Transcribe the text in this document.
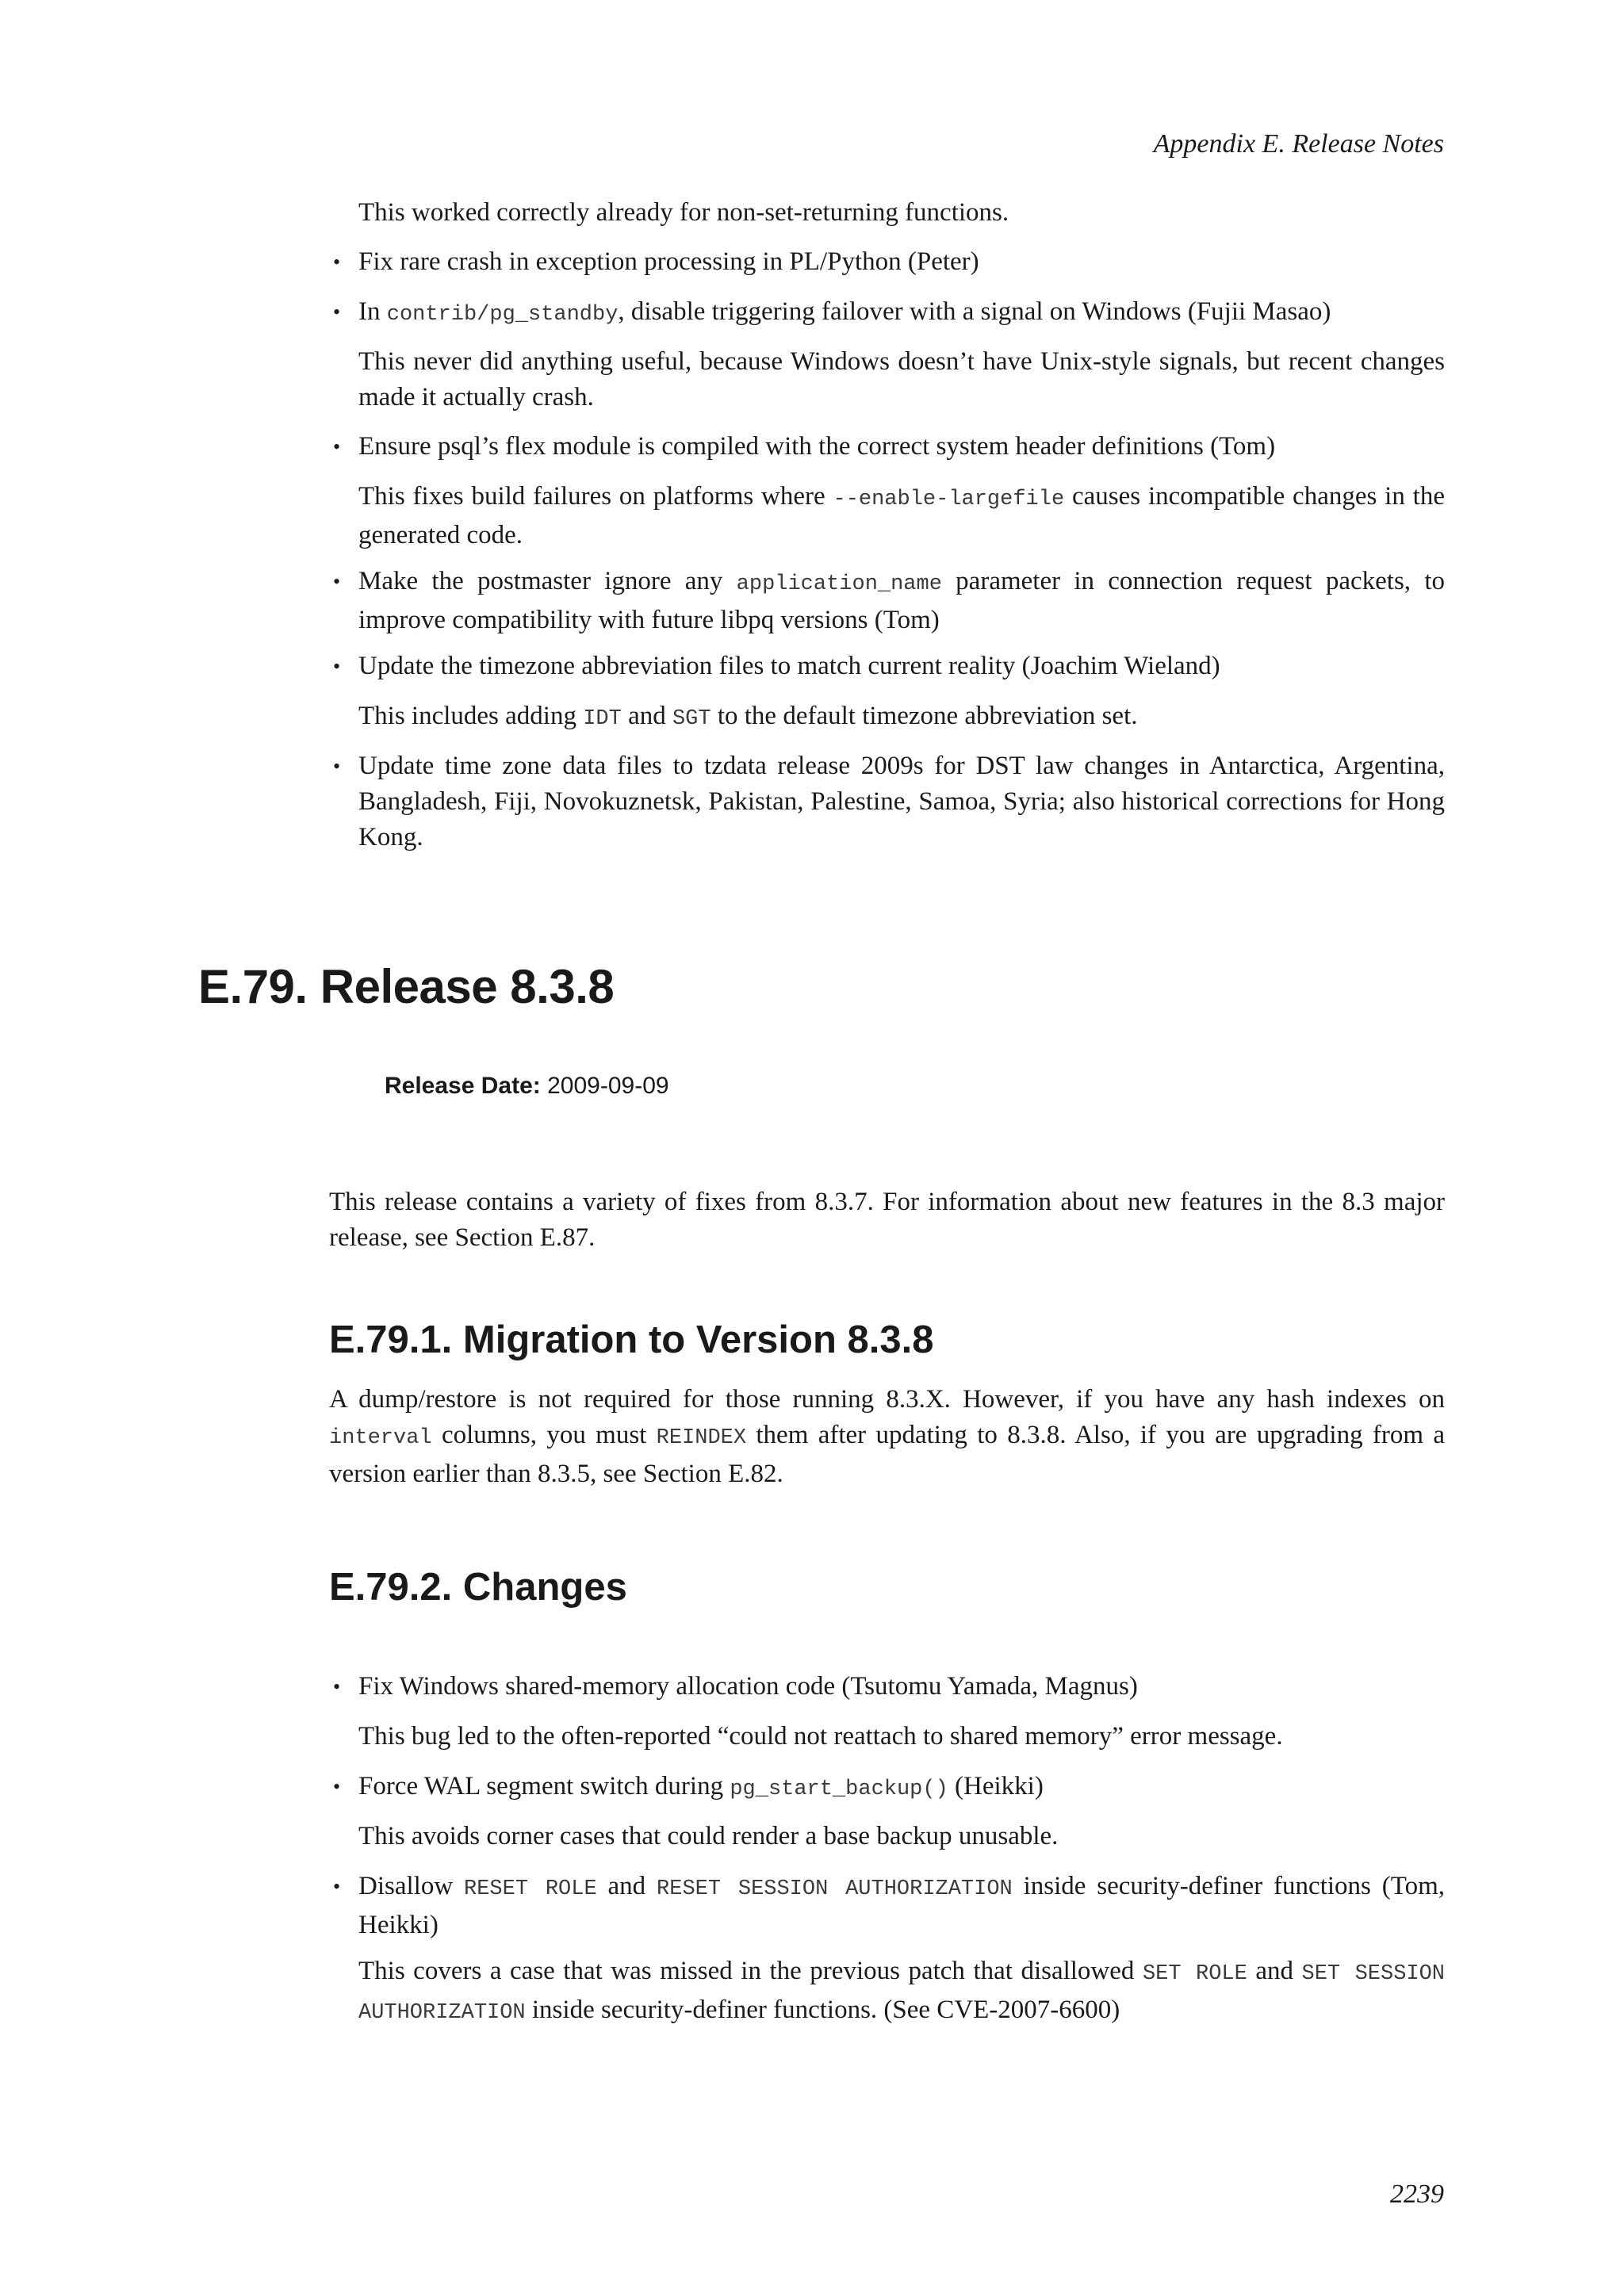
Appendix E. Release Notes
This worked correctly already for non-set-returning functions.
• Fix rare crash in exception processing in PL/Python (Peter)
• In contrib/pg_standby, disable triggering failover with a signal on Windows (Fujii Masao)
This never did anything useful, because Windows doesn’t have Unix-style signals, but recent changes made it actually crash.
• Ensure psql’s flex module is compiled with the correct system header definitions (Tom)
This fixes build failures on platforms where --enable-largefile causes incompatible changes in the generated code.
• Make the postmaster ignore any application_name parameter in connection request packets, to improve compatibility with future libpq versions (Tom)
• Update the timezone abbreviation files to match current reality (Joachim Wieland)
This includes adding IDT and SGT to the default timezone abbreviation set.
• Update time zone data files to tzdata release 2009s for DST law changes in Antarctica, Argentina, Bangladesh, Fiji, Novokuznetsk, Pakistan, Palestine, Samoa, Syria; also historical corrections for Hong Kong.
E.79. Release 8.3.8
Release Date: 2009-09-09
This release contains a variety of fixes from 8.3.7. For information about new features in the 8.3 major release, see Section E.87.
E.79.1. Migration to Version 8.3.8
A dump/restore is not required for those running 8.3.X. However, if you have any hash indexes on interval columns, you must REINDEX them after updating to 8.3.8. Also, if you are upgrading from a version earlier than 8.3.5, see Section E.82.
E.79.2. Changes
• Fix Windows shared-memory allocation code (Tsutomu Yamada, Magnus)
This bug led to the often-reported “could not reattach to shared memory” error message.
• Force WAL segment switch during pg_start_backup() (Heikki)
This avoids corner cases that could render a base backup unusable.
• Disallow RESET ROLE and RESET SESSION AUTHORIZATION inside security-definer functions (Tom, Heikki)
This covers a case that was missed in the previous patch that disallowed SET ROLE and SET SESSION AUTHORIZATION inside security-definer functions. (See CVE-2007-6600)
2239
